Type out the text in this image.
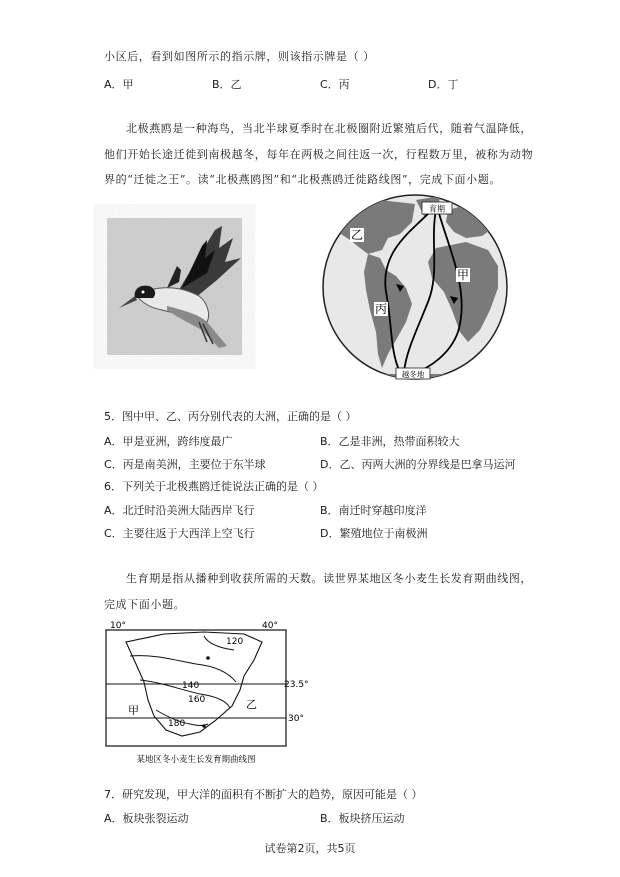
小区后，看到如图所示的指示牌，则该指示牌是（ ）
A．甲	B．乙	C．丙	D．丁
北极燕鸥是一种海鸟，当北半球夏季时在北极圈附近繁殖后代，随着气温降低，
他们开始长途迁徙到南极越冬，每年在两极之间往返一次，行程数万里，被称为动物
界的“迁徙之王”。读“北极燕鸥图”和“北极燕鸥迁徙路线图”，完成下面小题。
育期
越冬地
乙
甲
丙
5．图中甲、乙、丙分别代表的大洲，正确的是（ ）
A．甲是亚洲，跨纬度最广	B．乙是非洲，热带面积较大
C．丙是南美洲，主要位于东半球	D．乙、丙两大洲的分界线是巴拿马运河
6．下列关于北极燕鸥迁徙说法正确的是（ ）
A．北迁时沿美洲大陆西岸飞行	B．南迁时穿越印度洋
C．主要往返于大西洋上空飞行	D．繁殖地位于南极洲
生育期是指从播种到收获所需的天数。读世界某地区冬小麦生长发育期曲线图，
完成下面小题。
10°	40°
23.5°
30°
120
140
160
180
甲	乙
某地区冬小麦生长发育期曲线图
7．研究发现，甲大洋的面积有不断扩大的趋势，原因可能是（ ）
A．板块张裂运动	B．板块挤压运动
试卷第2页，共5页
